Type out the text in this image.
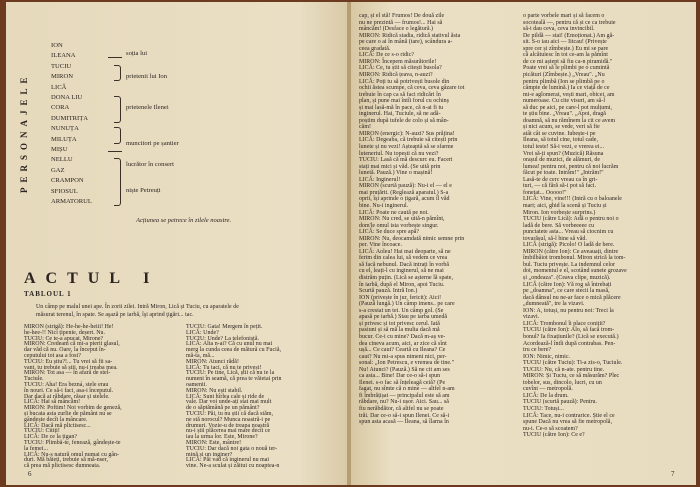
PERSONAJELE
ION
ILEANA
TUCIU
MIRON
LICĂ
DONA LIU
CORA
DUMITRIȚA
NUNUȚA
MILUȚA
MIȘU
NELLU
GAZ
CRAMPON
SFIOSUL
ARMATORUL
soția lui
prietenii lui Ion
prietenele Ilenei
muncitori pe șantier
lucrător în consert
niște Petreuți
Acțiunea se petrece în zilele noastre.
ACTUL I
TABLOUL 1
Un câmp pe malul unei ape. În zorii zilei. Intră Miron, Lică și Tuciu, cu aparatele de
măsurat terenul, în spate. Se aşază pe iarbă, îşi aprind ţigări... tac.
MIRON (strigă): He-he-he-heiii! He!
he-hee-!! Nici țipenie, deșert. Nu.
TUCIU: Ce te-a apucat, Mirone?
MIRON: Credeam că mi-a pierit glasul,
dar văd că nu. Oare, la început în-
ceputului tot asa a fost?
TUCIU: Eu știu?!... Tu vrei să fii sa-
vant, tu trebuie să știi, nu-i treaba mea.
MIRON: Tot asa — în afară de stel-
Tuciule.
TUCIU: Aha! Era bezná, stele erau
în nouri. Ce să-i faci, asa-i începutul.
Dar dacă ai răbdare, răsar și stelele.
LICĂ: Hai să mâncăm!
MIRON: Poftim! Noi vorbim de geneză,
și bucata asta zurlie de pământ nu se
gândește decît la mâncare.
LICĂ: Dacă mă plictisesc...
TUCIU: Citiți!
LICĂ: De ce la țigan?
TUCIU: Plimbă-te, fenează, gândește-te
la femei...
LICĂ: Nu-s natură omul numai cu gân-
duri. Mă băieți, trebuie să mă-nser,
că prea mă plictisesc dumneata.
TUCIU: Gata! Mergem în pețit.
LICĂ: Unde?
TUCIU: Unde? La telefoniștă.
LICĂ: Alta n-ai? Că cu unul nu mai
merg la cunda ceea de măturã cu Fuciă,
mă-ta, mă...
MIRON: Atunci rădă!
LICĂ: Tu taci, că nu te priveșt!
TUCIU: Pe tine, Lică, știi că nu te la
numeni în seamă, că prea te văietai prin
oamenii.
MIRON: Nu ești stabil.
LICĂ: Sunt hîrlea cale și ride de
vale. Dar voi unde-ați stat mai mult
de o săptămână pe un pământ?
TUCIU: Păi, tu nu știi că dacă stăm,
ne stă norocul? Munca noastră-i pe
drumuri. Vozie-u de treapa noastră
nu-i știi plăcerea mai mare decît ce
iau la urma lor. Este, Mirone?
MIRON: Este, mântre!
TUCIU: Dar dacă noi gata o nouă ter-
mină și un inginer?
LICĂ: Păi vad că inginerul nu mai
vine. Ne-a sculat și zăitui cu noaptea-n
6
cap, și el stă! Frumos! De două zile
nu ne prezintă — frumos!... Hai să
mâncăm! (Desface o legătură.)
MIRON: Ridică stadia, ridică stativul ăsta
pe care o ai în mână (tare), scândura a-
ceea gradată.
LICĂ: De ce s-o ridic?
MIRON: Începem măsurătorile!
LICĂ: Ce, tu știi să citești busola?
MIRON: Ridică țeava, n-auzi?
LICĂ: Poți tu să potrivești busole din
ochii ăstea scumpe, că ceva, ceva gâzare tot
trebuie în cap ca să faci ridicări în
plan, și pune mai întîi forul cu ochinș
și mai lasă-mă în pace, că n-ai fi tu
inginerul. Hai, Tuciule, să ne adă-
poștim dupã tufele de colo și să mân-
căm!
MIRON (energic): N-auzi? Sus prăjina!
LICĂ: Degeaba, că trebuie să citești prin
lunete și nu vezi! Așteaptă să se sfarme
luteneriul. Nu topești că nu vezi?
TUCIU: Lasă că mă descurc eu. Faceri
stați mai mici și văd. (Se uită prin
lunetă. Pauză.) Vine o mașină!
LICĂ: Inginerul!
MIRON (scurtă pauză): Nu-i el — el e
mai pruțărit. (Reglează aparatul.) S-a
oprit, își aprinde o țigară, acum îl văd
bine. Nu-i inginerul.
LICĂ: Poate ne caută pe noi.
MIRON: Nu cred, se uită-n pămînt,
dom'le omul ista vorbește singur.
LICĂ: Se duce spre apă?
MIRON: Nu, deocamdată nimic semne prin
per. Vine încoace.
LICĂ: Aoleu! Hai mai deoparte, să ne
ferim din calea lui, să vedem ce vrea
să facă nebunul. Dacă intrați în vorbă
cu el, leați-l cu inginerul, să ne mai
distrăm puțin. (Lică se așterne lă spate,
în iarbă, după el Miron, apoi Tuciu.
Scurtă pauză. Intră Ion.)
ION (privește în jur, fericit): Aici!
(Pauză lungă.) Un câmp imens.. pe care
s-a crestat un tei. Un câmp gol. (Se
apasă pe iarbă.) Stau pe iarba umedă
și privesc și tot privesc cerul. Iată
pasiuni și să mă la multa dacă mă
bucur. Ce-i cu mine? Dacă m-aș ve-
dea cineva acum, aici, ar zice că sînt
ușă... Ce caut? Ceartă cu Ileana? Ce
caut? Nu mi-a spus nimeni nici, per-
sonal: „Ion Petrescu, e vremea de tine."
Nu! Atunci? (Pauză.) Să ne cit am ses
ca asta... Bine! Dar ce-o să-i spun
Ilenei. s-o fac să înțeleagă ceiă? (Pe
fagat, nu sîmte că n mine — altfel n-am
fi îmbrățișat — principalul este să am
răbdare, nu? Nu-i ușor. Aici. Sau... să
fiu nerăbdător, că altfel nu se poate
trăi. Dar ce-o să-i spun Ilenei. Ce să-i
spun asta acasă — Ileana, să îlarna în
o parte vorbele mari și să facem o
socoteală —, pentru că și ce ca trebuie
să-i dau ceva, ceva invincibil.
De pildă — stai! (Emoționat.) Am gă-
sit. S-o iau aici — Iitcau! (Privește
spre cer și zîmbește.) Eu mi se pare
că alcătuiesc în tot ce-am la pămînt
de ce mi aștept să fiu ca-n piramidă."
Poate vrei să le plimbi pe o cumintă
picături (Zîmbește.) „Vreau". „Nu
pentru plimbă (Ion se plimbă pe o
câmpie de lumină.) Ia ce viață de ce
mi-e aglomerat, vești mari, obicei, am
numeroase. Cu cite visuri, am să-l
să duc pe aici, pe care-l pot mulțumi,
te știu bine. „Vreau". „Apoi, dragă
doamnă, să nu rămînem la cit ce avem
și nici acum, se vede, veri să fie
atât cât se cuvine. Iubește-i pe
Ileana, să totul cine, totul cade,
totul ieste! Să-i vezi, e vrerea ei...
Vrei să-ți spun? (Muzică) Răsuna
orașul de muzici, de alămuri, de
lumea! pentru noi, pentru că noi lucrăm
făcut pe toate. Intrăm!" „Intrăm!"
Lasă-te de cerc vreau ca în gri-
turi, — că fără să-i pot să faci.
fonetat... Ooooo!"
LICĂ: Vine, vine!!! (Intră cu o baloanele
mari; aici, ghid la scenă și Tuciu și
Miron. Ion vorbește surprins.)
TUCIU (către Lică): Adă o pentru noi o
ladă de bere. Să vorbeeeee cu
punctatete asta... Vreau să ciocnim cu
tovarășul, să-l bine să văd.
LICĂ (strigă): Picolo! O ladă de bere.
MIRON (către Ion): Ce aveauați, dintre
îmbilbâiot trombonul. Miron strică la tom-
bul. Tuciu privește. La indemnul celor
doi, momentul e el, scotând sunete grozave
și „ondeaza". (Ceava clipe, muzică).
LICĂ (către Ion): Vă rog să întrebați
pe „doamna", ce care stecii la masă,
dacă dânsul nu ne-ar face o mică plăcere
„dumneată", tre la vizavi.
ION: A, totuși, nu pentru noi: Treci la
vizavi.
LICĂ: Trombonul îi place coniții?
TUCIU (către Ion): Alo, să facă trom-
bonul? Ia fixațiunile? (Lică se execută.)
Acordează-l întîi după contrabas. Pen-
tru ce bere?
ION: Nimic, nimic.
TUCIU (către Tuciu): Ti-a zis-o, Tuciule.
TUCIU: Nu, că n-ate. pentru tine.
MIRON: Și Tuciu, ce să măsurăm? Plec
tobelor, sus, dincolo, lucri, cu un
cuvînt — metropolă.
LICĂ: De la drum.
TUCIU (scurtă pauză): Pentru.
TUCIU: Totuși...
LICĂ: Tace, nu-i contrarice. Știe el ce
spune Dacă nu vrea să fie metropolă,
nu-i. Ce-o să scoatem?
TUCIU (către Ion): Ce e?
7
